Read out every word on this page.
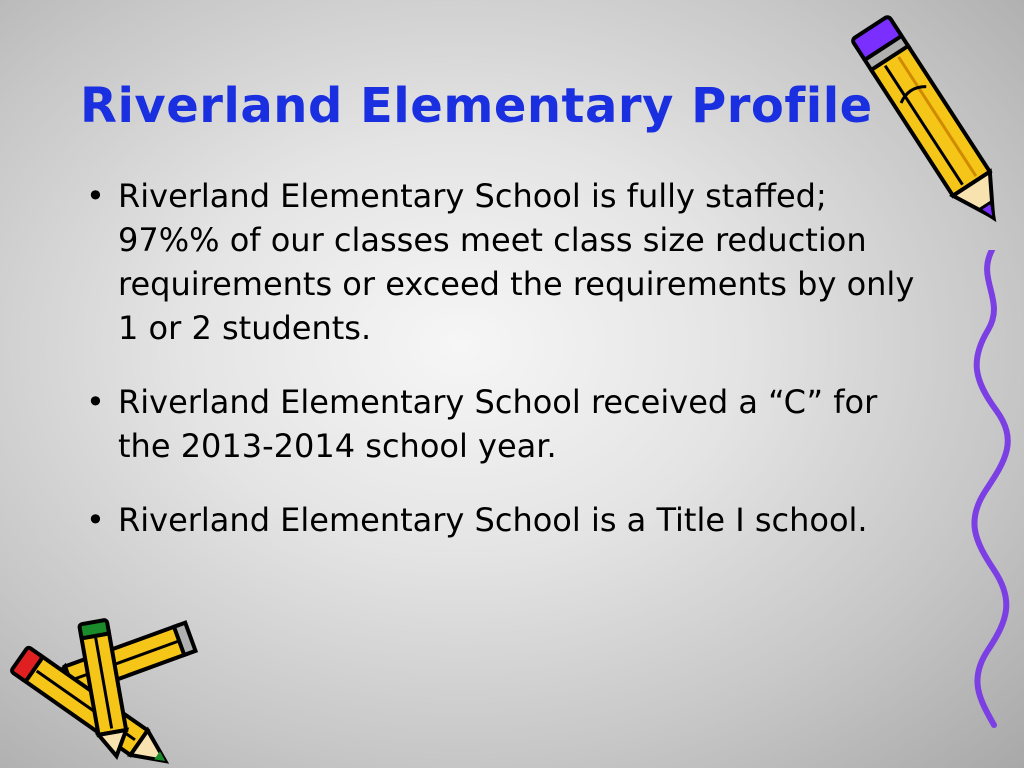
Riverland Elementary Profile
• Riverland Elementary School is fully staffed; 97%% of our classes meet class size reduction requirements or exceed the requirements by only 1 or 2 students.
• Riverland Elementary School received a “C” for the 2013-2014 school year.
• Riverland Elementary School is a Title I school.
